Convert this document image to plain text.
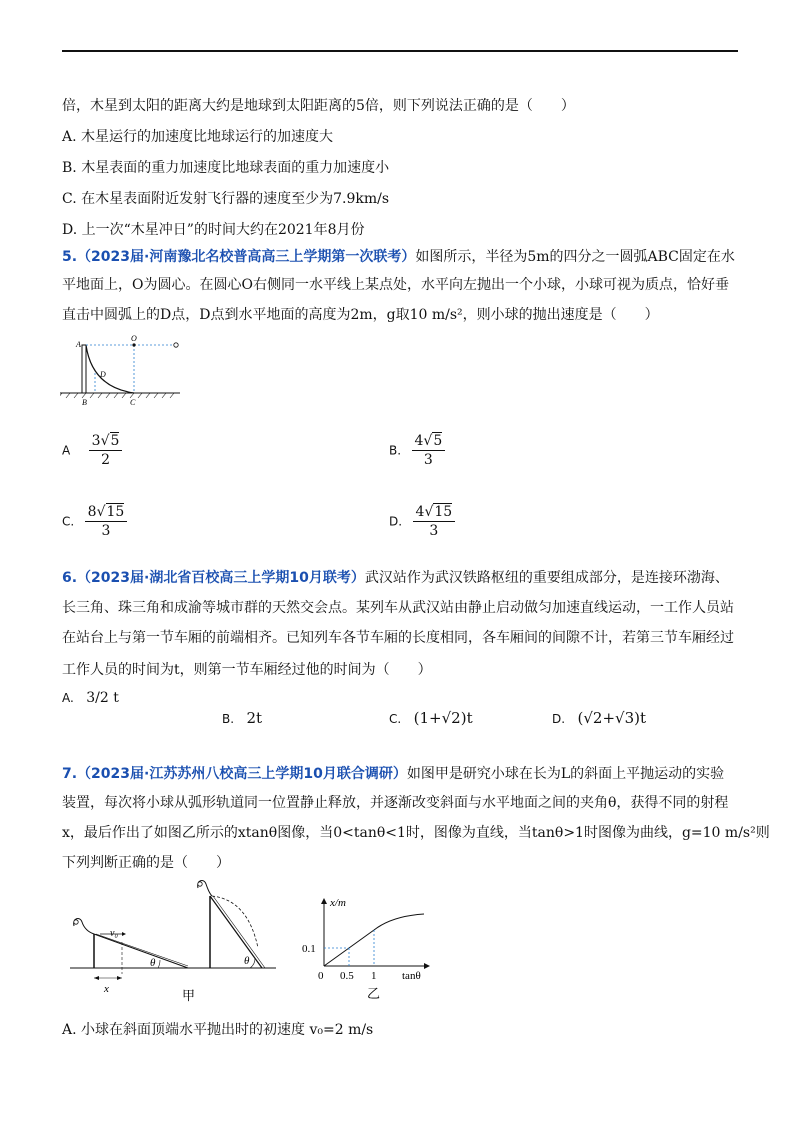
倍，木星到太阳的距离大约是地球到太阳距离的5倍，则下列说法正确的是（　　）
A. 木星运行的加速度比地球运行的加速度大
B. 木星表面的重力加速度比地球表面的重力加速度小
C. 在木星表面附近发射飞行器的速度至少为7.9km/s
D. 上一次“木星冲日”的时间大约在2021年8月份
5.（2023届·河南豫北名校普高高三上学期第一次联考）如图所示，半径为5m的四分之一圆弧ABC固定在水
平地面上，O为圆心。在圆心O右侧同一水平线上某点处，水平向左抛出一个小球，小球可视为质点，恰好垂
直击中圆弧上的D点，D点到水平地面的高度为2m，g取10 m/s²，则小球的抛出速度是（　　）
A
O
D
B	C
A $\frac{3√5}{2}$	B. $\frac{4√5}{3}$
C. $\frac{8√15}{3}$	D. $\frac{4√15}{3}$
6.（2023届·湖北省百校高三上学期10月联考）武汉站作为武汉铁路枢纽的重要组成部分，是连接环渤海、
长三角、珠三角和成渝等城市群的天然交会点。某列车从武汉站由静止启动做匀加速直线运动，一工作人员站
在站台上与第一节车厢的前端相齐。已知列车各节车厢的长度相同，各车厢间的间隙不计，若第三节车厢经过
工作人员的时间为t，则第一节车厢经过他的时间为（　　）
A. 3/2 t
B. 2t	C. (1+√2)t	D. (√2+√3)t
7.（2023届·江苏苏州八校高三上学期10月联合调研）如图甲是研究小球在长为L的斜面上平抛运动的实验
装置，每次将小球从弧形轨道同一位置静止释放，并逐渐改变斜面与水平地面之间的夹角θ，获得不同的射程
x，最后作出了如图乙所示的xtanθ图像，当0<tanθ<1时，图像为直线，当tanθ>1时图像为曲线，g=10 m/s²则
下列判断正确的是（　　）
v₀
x
θ	θ
甲
x/m
0.1
0 0.5 1 tanθ
乙
A. 小球在斜面顶端水平抛出时的初速度 v₀=2 m/s
